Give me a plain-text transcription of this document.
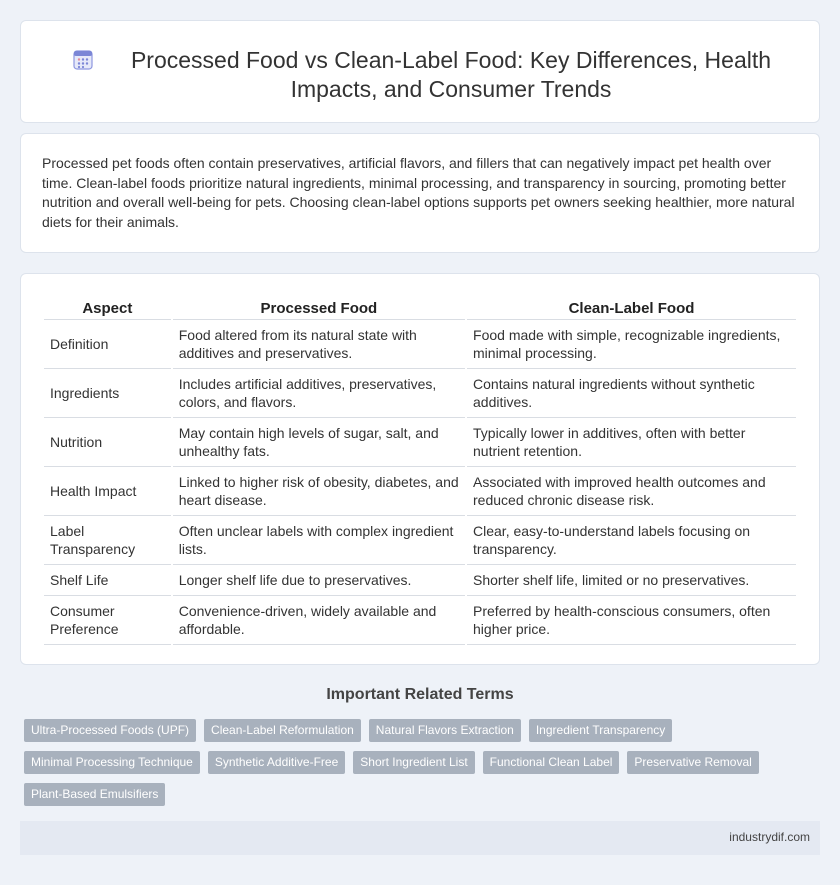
Processed Food vs Clean-Label Food: Key Differences, Health Impacts, and Consumer Trends

Processed pet foods often contain preservatives, artificial flavors, and fillers that can negatively impact pet health over time. Clean-label foods prioritize natural ingredients, minimal processing, and transparency in sourcing, promoting better nutrition and overall well-being for pets. Choosing clean-label options supports pet owners seeking healthier, more natural diets for their animals.

Aspect	Processed Food	Clean-Label Food
Definition	Food altered from its natural state with additives and preservatives.	Food made with simple, recognizable ingredients, minimal processing.
Ingredients	Includes artificial additives, preservatives, colors, and flavors.	Contains natural ingredients without synthetic additives.
Nutrition	May contain high levels of sugar, salt, and unhealthy fats.	Typically lower in additives, often with better nutrient retention.
Health Impact	Linked to higher risk of obesity, diabetes, and heart disease.	Associated with improved health outcomes and reduced chronic disease risk.
Label Transparency	Often unclear labels with complex ingredient lists.	Clear, easy-to-understand labels focusing on transparency.
Shelf Life	Longer shelf life due to preservatives.	Shorter shelf life, limited or no preservatives.
Consumer Preference	Convenience-driven, widely available and affordable.	Preferred by health-conscious consumers, often higher price.
Important Related Terms
Ultra-Processed Foods (UPF)	Clean-Label Reformulation	Natural Flavors Extraction	Ingredient Transparency
Minimal Processing Technique	Synthetic Additive-Free	Short Ingredient List	Functional Clean Label	Preservative Removal
Plant-Based Emulsifiers
industrydif.com
